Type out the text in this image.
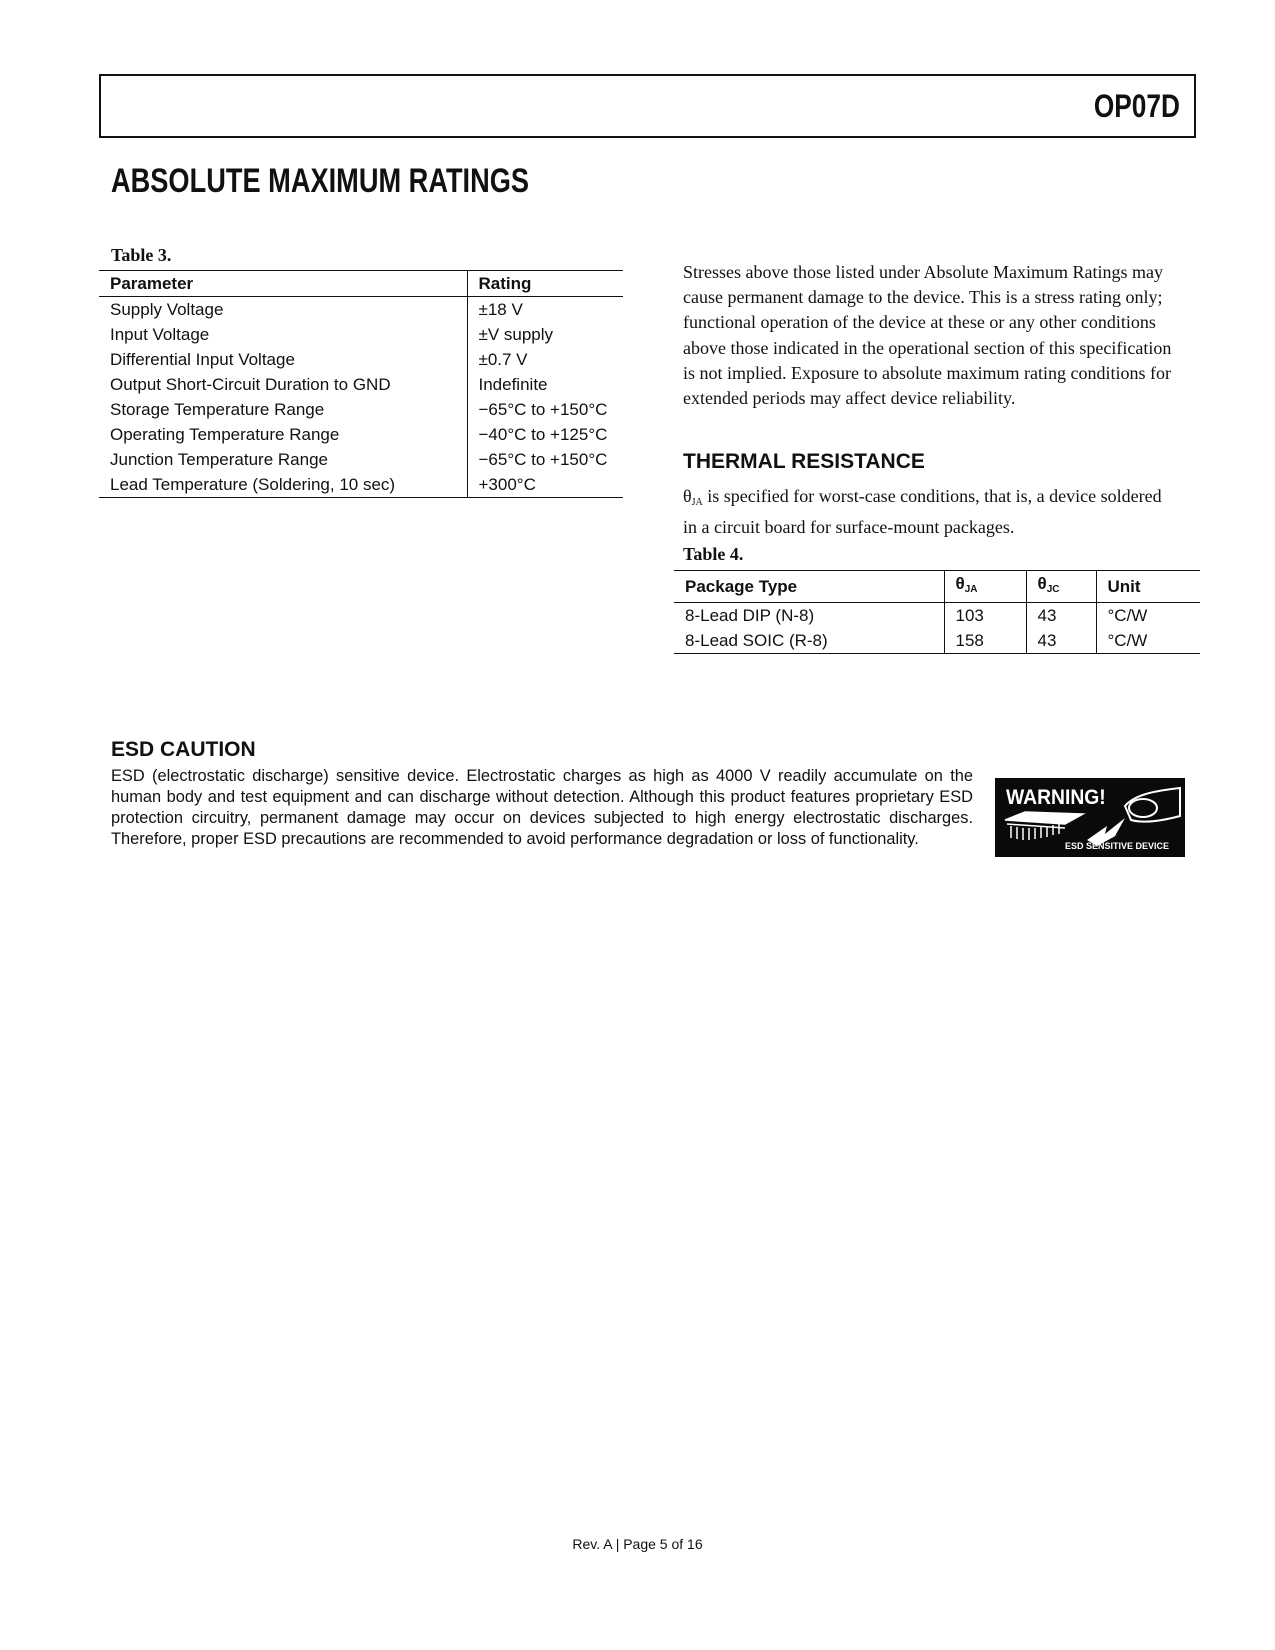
OP07D
ABSOLUTE MAXIMUM RATINGS
Table 3.
Parameter	Rating
Supply Voltage	±18 V
Input Voltage	±V supply
Differential Input Voltage	±0.7 V
Output Short-Circuit Duration to GND	Indefinite
Storage Temperature Range	−65°C to +150°C
Operating Temperature Range	−40°C to +125°C
Junction Temperature Range	−65°C to +150°C
Lead Temperature (Soldering, 10 sec)	+300°C
Stresses above those listed under Absolute Maximum Ratings may cause permanent damage to the device. This is a stress rating only; functional operation of the device at these or any other conditions above those indicated in the operational section of this specification is not implied. Exposure to absolute maximum rating conditions for extended periods may affect device reliability.
THERMAL RESISTANCE
$\theta_{JA}$ is specified for worst-case conditions, that is, a device soldered in a circuit board for surface-mount packages.
Table 4.
Package Type	$\theta_{JA}$	$\theta_{JC}$	Unit
8-Lead DIP (N-8)	103	43	°C/W
8-Lead SOIC (R-8)	158	43	°C/W
ESD CAUTION
ESD (electrostatic discharge) sensitive device. Electrostatic charges as high as 4000 V readily accumulate on the human body and test equipment and can discharge without detection. Although this product features proprietary ESD protection circuitry, permanent damage may occur on devices subjected to high energy electrostatic discharges. Therefore, proper ESD precautions are recommended to avoid performance degradation or loss of functionality.
WARNING!
ESD SENSITIVE DEVICE
Rev. A | Page 5 of 16
